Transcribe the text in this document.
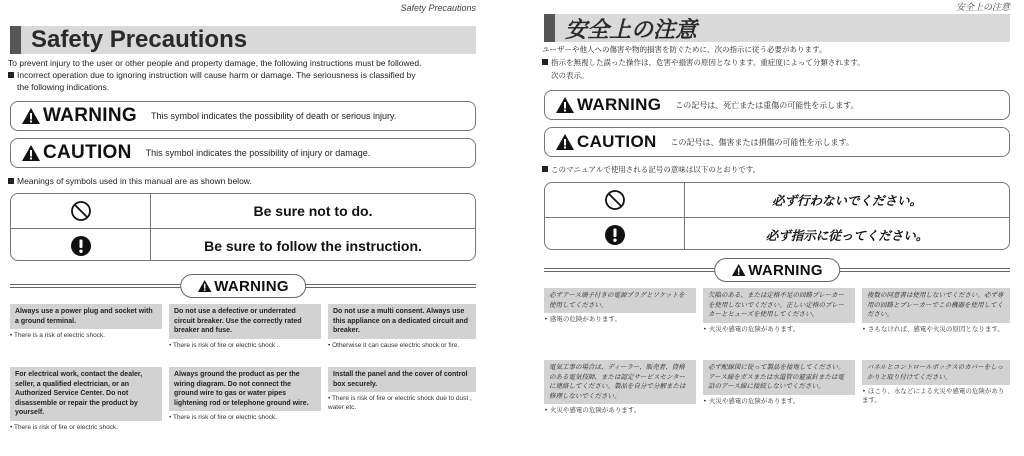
Safety Precautions
Safety Precautions
To prevent injury to the user or other people and property damage, the following instructions must be followed.
Incorrect operation due to ignoring instruction will cause harm or damage. The seriousness is classified by
the following indications.
WARNING This symbol indicates the possibility of death or serious injury.
CAUTION This symbol indicates the possibility of injury or damage.
Meanings of symbols used in this manual are as shown below.
Be sure not to do.
Be sure to follow the instruction.
WARNING
Always use a power plug and socket with a ground terminal.
• There is a risk of electric shock.
Do not use a defective or underrated circuit breaker. Use the correctly rated breaker and fuse.
• There is risk of fire or electric shock .
Do not use a multi consent. Always use this appliance on a dedicated circuit and breaker.
• Otherwise it can cause electric shock or fire.
For electrical work, contact the dealer, seller, a qualified electrician, or an Authorized Service Center. Do not disassemble or repair the product by yourself.
• There is risk of fire or electric shock.
Always ground the product as per the wiring diagram. Do not connect the ground wire to gas or water pipes lightening rod or telephone ground wire.
• There is risk of fire or electric shock.
Install the panel and the cover of control box securely.
• There is risk of fire or electric shock due to dust , water etc.
安全上の注意
安全上の注意
ユーザーや他人への傷害や物的損害を防ぐために、次の指示に従う必要があります。
指示を無視した誤った操作は、危害や損害の原因となります。重症度によって分類されます。
次の表示。
WARNING この記号は、死亡または重傷の可能性を示します。
CAUTION この記号は、傷害または損傷の可能性を示します。
このマニュアルで使用される記号の意味は以下のとおりです。
必ず行わないでください。
必ず指示に従ってください。
WARNING
必ずアース端子付きの電源プラグとソケットを使用してください。
• 感電の危険があります。
欠陥のある、または定格不足の回路ブレーカーを使用しないでください。正しい定格のブレーカーとヒューズを使用してください。
• 火災や感電の危険があります。
複数の同意書は使用しないでください。必ず専用の回路とブレーカーでこの機器を使用してください。
• さもなければ、感電や火災の原因となります。
電気工事の場合は、ディーラー、販売者、資格のある電気技師、または認定サービスセンターに連絡してください。製品を自分で分解または修理しないでください。
• 火災や感電の危険があります。
必ず配線図に従って製品を接地してください。アース線をガスまたは水道管の避雷針または電話のアース線に接続しないでください。
• 火災や感電の危険があります。
パネルとコントロールボックスのカバーをしっかりと取り付けてください。
• ほこり、水などによる火災や感電の危険があります。
